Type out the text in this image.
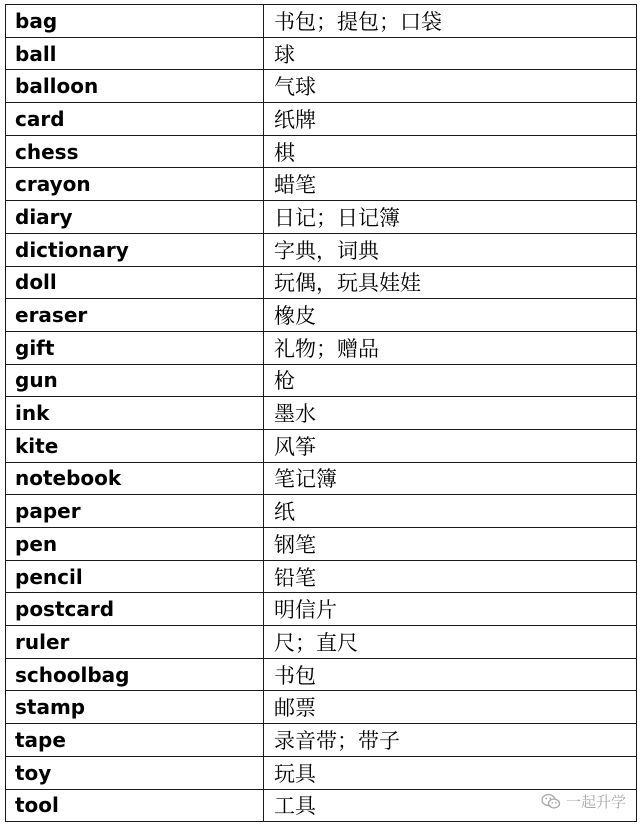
bag	书包；提包；口袋
ball	球
balloon	气球
card	纸牌
chess	棋
crayon	蜡笔
diary	日记；日记簿
dictionary	字典，词典
doll	玩偶，玩具娃娃
eraser	橡皮
gift	礼物；赠品
gun	枪
ink	墨水
kite	风筝
notebook	笔记簿
paper	纸
pen	钢笔
pencil	铅笔
postcard	明信片
ruler	尺；直尺
schoolbag	书包
stamp	邮票
tape	录音带；带子
toy	玩具
tool	工具	一起升学
